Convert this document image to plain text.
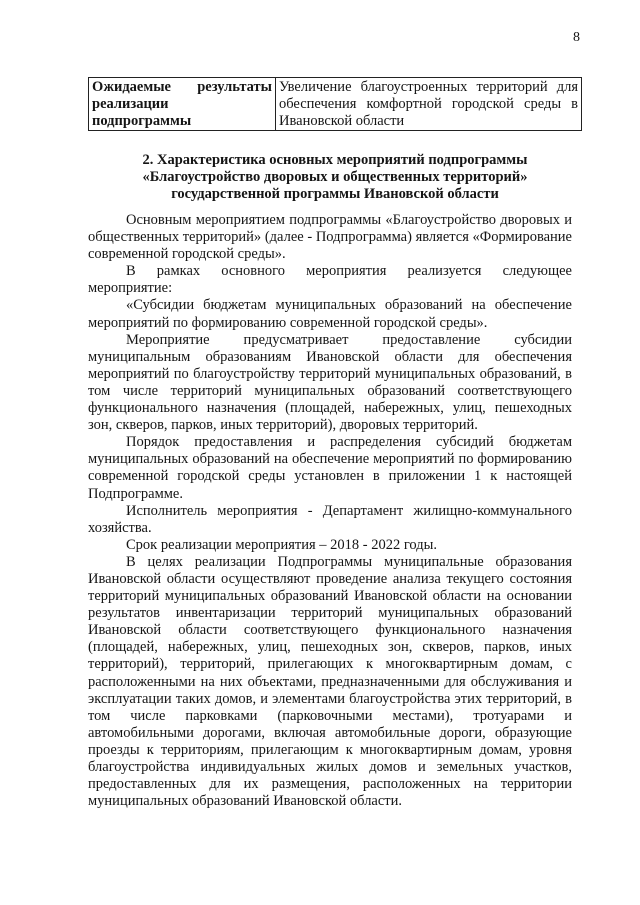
8
Ожидаемые результаты
реализации
подпрограммы
	Увеличение благоустроенных территорий для обеспечения комфортной городской среды в Ивановской области
2. Характеристика основных мероприятий подпрограммы
«Благоустройство дворовых и общественных территорий»
государственной программы Ивановской области

Основным мероприятием подпрограммы «Благоустройство дворовых и общественных территорий» (далее - Подпрограмма) является «Формирование современной городской среды».

В рамках основного мероприятия реализуется следующее мероприятие:

«Субсидии бюджетам муниципальных образований на обеспечение мероприятий по формированию современной городской среды».

Мероприятие предусматривает предоставление субсидии муниципальным образованиям Ивановской области для обеспечения мероприятий по благоустройству территорий муниципальных образований, в том числе территорий муниципальных образований соответствующего функционального назначения (площадей, набережных, улиц, пешеходных зон, скверов, парков, иных территорий), дворовых территорий.

Порядок предоставления и распределения субсидий бюджетам муниципальных образований на обеспечение мероприятий по формированию современной городской среды установлен в приложении 1 к настоящей Подпрограмме.

Исполнитель мероприятия - Департамент жилищно-коммунального хозяйства.

Срок реализации мероприятия – 2018 - 2022 годы.

В целях реализации Подпрограммы муниципальные образования Ивановской области осуществляют проведение анализа текущего состояния территорий муниципальных образований Ивановской области на основании результатов инвентаризации территорий муниципальных образований Ивановской области соответствующего функционального назначения (площадей, набережных, улиц, пешеходных зон, скверов, парков, иных территорий), территорий, прилегающих к многоквартирным домам, с расположенными на них объектами, предназначенными для обслуживания и эксплуатации таких домов, и элементами благоустройства этих территорий, в том числе парковками (парковочными местами), тротуарами и автомобильными дорогами, включая автомобильные дороги, образующие проезды к территориям, прилегающим к многоквартирным домам, уровня благоустройства индивидуальных жилых домов и земельных участков, предоставленных для их размещения, расположенных на территории муниципальных образований Ивановской области.
